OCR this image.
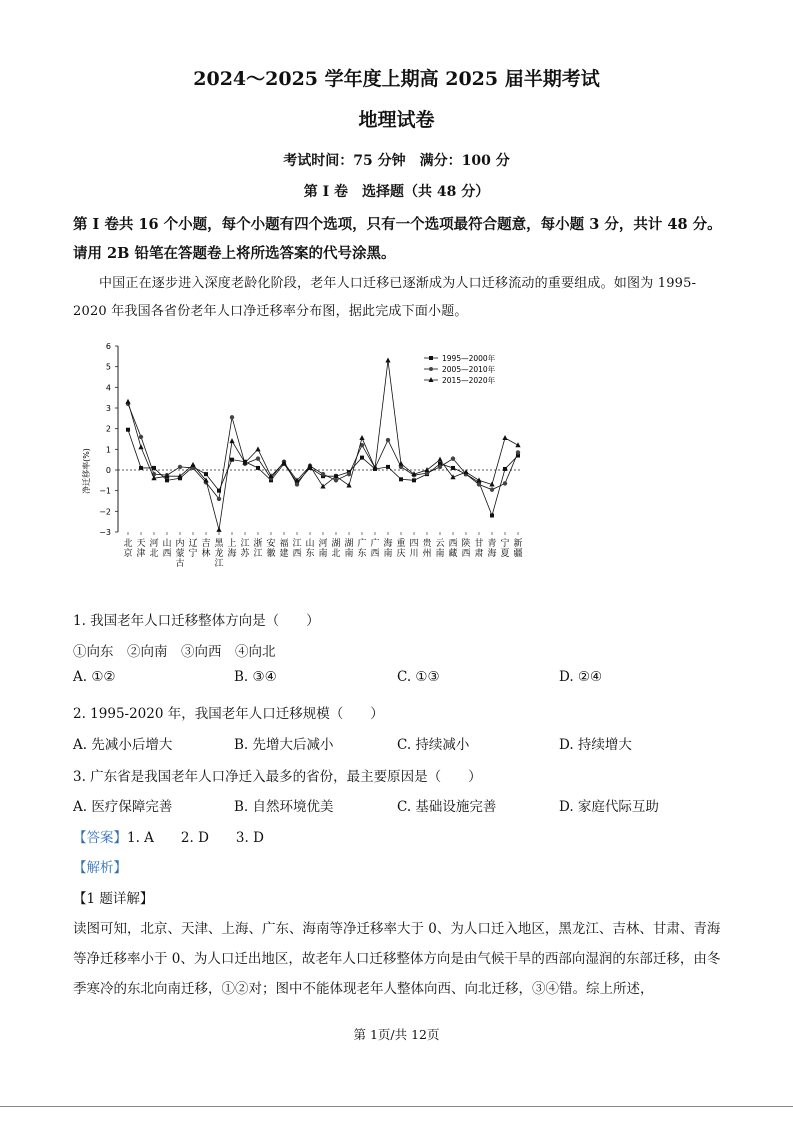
2024～2025 学年度上期高 2025 届半期考试
地理试卷
考试时间：75 分钟　满分：100 分
第 I 卷　选择题（共 48 分）
第 I 卷共 16 个小题，每个小题有四个选项，只有一个选项最符合题意，每小题 3 分，共计 48 分。请用 2B 铅笔在答题卷上将所选答案的代号涂黑。
中国正在逐步进入深度老龄化阶段，老年人口迁移已逐渐成为人口迁移流动的重要组成。如图为 1995-2020 年我国各省份老年人口净迁移率分布图，据此完成下面小题。
净迁移率(%)
6
5
4
3
2
1
0
−1
−2
−3
北京
天津
河北
山西
内蒙古
辽宁
吉林
黑龙江
上海
江苏
浙江
安徽
福建
江西
山东
河南
湖北
湖南
广东
广西
海南
重庆
四川
贵州
云南
西藏
陕西
甘肃
青海
宁夏
新疆
1995—2000年
2005—2010年
2015—2020年
1. 我国老年人口迁移整体方向是（　　）
①向东　②向南　③向西　④向北
A. ①②	B. ③④	C. ①③	D. ②④
2. 1995-2020 年，我国老年人口迁移规模（　　）
A. 先减小后增大	B. 先增大后减小	C. 持续减小	D. 持续增大
3. 广东省是我国老年人口净迁入最多的省份，最主要原因是（　　）
A. 医疗保障完善	B. 自然环境优美	C. 基础设施完善	D. 家庭代际互助
【答案】1. A　　2. D　　3. D
【解析】
【1 题详解】
读图可知，北京、天津、上海、广东、海南等净迁移率大于 0、为人口迁入地区，黑龙江、吉林、甘肃、青海等净迁移率小于 0、为人口迁出地区，故老年人口迁移整体方向是由气候干旱的西部向湿润的东部迁移，由冬季寒冷的东北向南迁移，①②对；图中不能体现老年人整体向西、向北迁移，③④错。综上所述，
第 1页/共 12页
